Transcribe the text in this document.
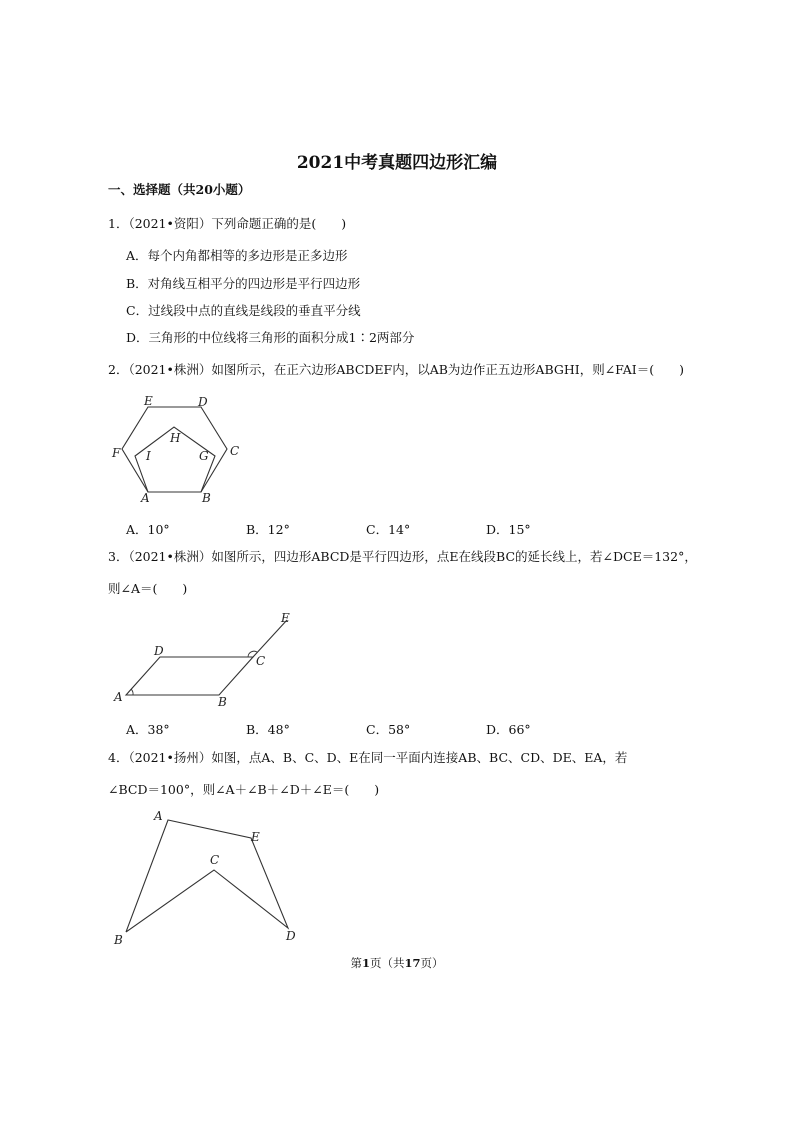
2021中考真题四边形汇编
一、选择题（共20小题）
1．（2021•资阳）下列命题正确的是(　　)
A．每个内角都相等的多边形是正多边形
B．对角线互相平分的四边形是平行四边形
C．过线段中点的直线是线段的垂直平分线
D．三角形的中位线将三角形的面积分成1∶2两部分
2．（2021•株洲）如图所示，在正六边形ABCDEF内，以AB为边作正五边形ABGHI，则∠FAI＝(　　)
E	D
H
F I	G C
A	B
A．10°	B．12°	C．14°	D．15°
3．（2021•株洲）如图所示，四边形ABCD是平行四边形，点E在线段BC的延长线上，若∠DCE＝132°，
则∠A＝(　　)
E
D
C
A	B
A．38°	B．48°	C．58°	D．66°
4．（2021•扬州）如图，点A、B、C、D、E在同一平面内连接AB、BC、CD、DE、EA，若
∠BCD＝100°，则∠A＋∠B＋∠D＋∠E＝(　　)
A
E
C
B	D
第1页（共17页）
